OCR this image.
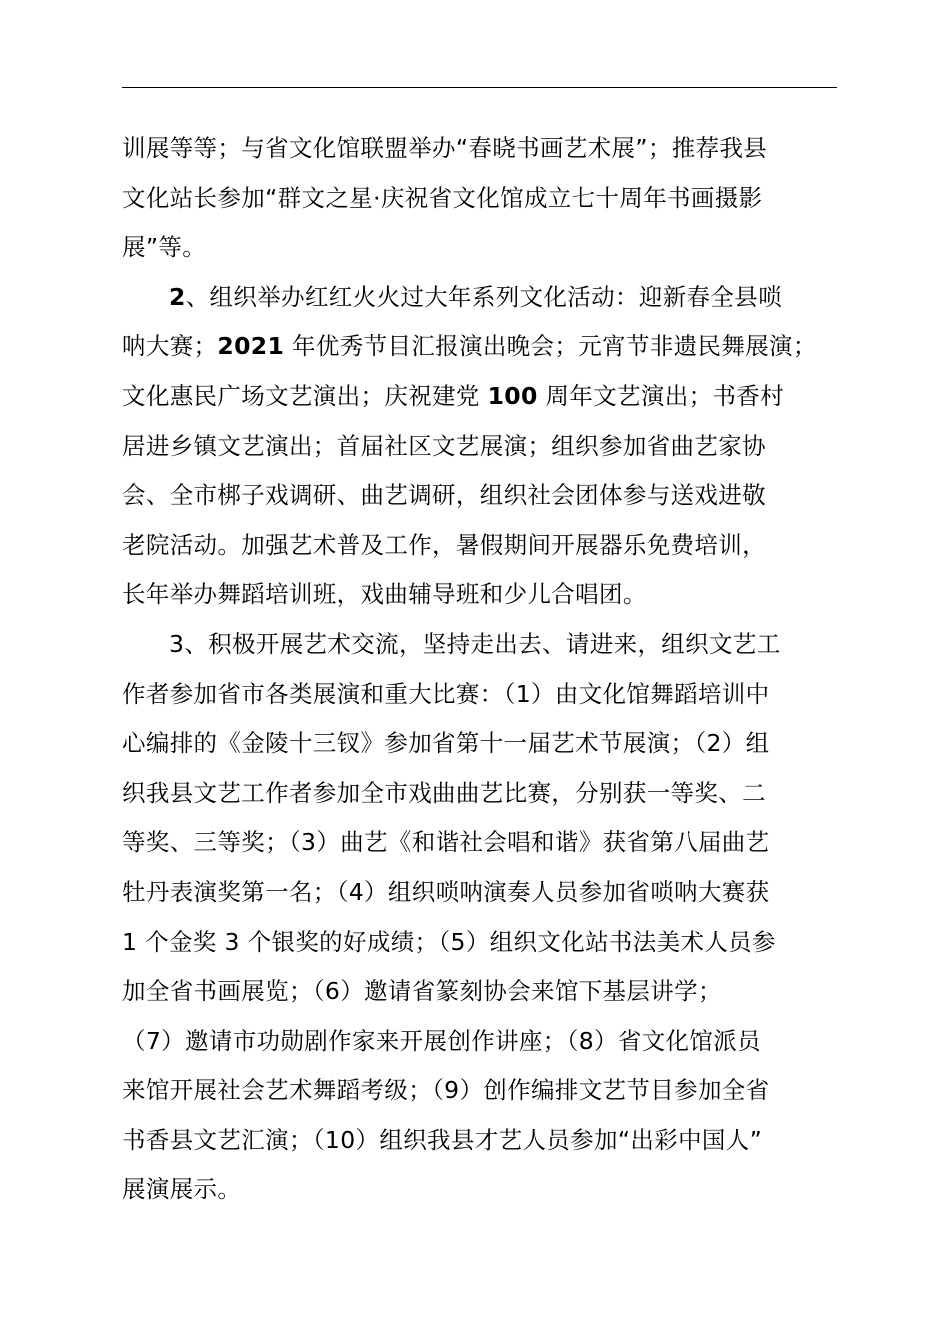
训展等等；与省文化馆联盟举办“春晓书画艺术展”；推荐我县
文化站长参加“群文之星·庆祝省文化馆成立七十周年书画摄影
展”等。
2、组织举办红红火火过大年系列文化活动：迎新春全县唢
呐大赛；2021 年优秀节目汇报演出晚会；元宵节非遗民舞展演；
文化惠民广场文艺演出；庆祝建党 100 周年文艺演出；书香村
居进乡镇文艺演出；首届社区文艺展演；组织参加省曲艺家协
会、全市梆子戏调研、曲艺调研，组织社会团体参与送戏进敬
老院活动。加强艺术普及工作，暑假期间开展器乐免费培训，
长年举办舞蹈培训班，戏曲辅导班和少儿合唱团。
3、积极开展艺术交流，坚持走出去、请进来，组织文艺工
作者参加省市各类展演和重大比赛：（1）由文化馆舞蹈培训中
心编排的《金陵十三钗》参加省第十一届艺术节展演；（2）组
织我县文艺工作者参加全市戏曲曲艺比赛，分别获一等奖、二
等奖、三等奖；（3）曲艺《和谐社会唱和谐》获省第八届曲艺
牡丹表演奖第一名；（4）组织唢呐演奏人员参加省唢呐大赛获
1 个金奖 3 个银奖的好成绩；（5）组织文化站书法美术人员参
加全省书画展览；（6）邀请省篆刻协会来馆下基层讲学；
（7）邀请市功勋剧作家来开展创作讲座；（8）省文化馆派员
来馆开展社会艺术舞蹈考级；（9）创作编排文艺节目参加全省
书香县文艺汇演；（10）组织我县才艺人员参加“出彩中国人”
展演展示。
